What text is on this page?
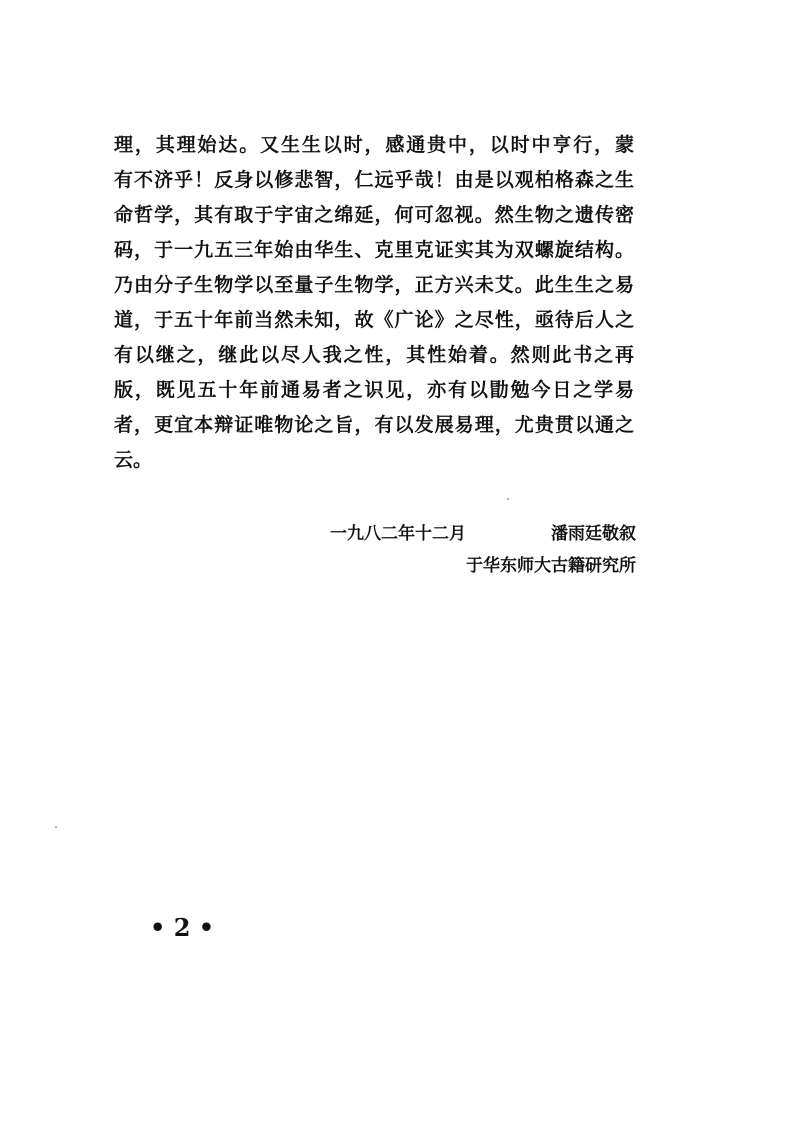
理，其理始达。又生生以时，感通贵中，以时中亨行，蒙
有不济乎！反身以修悲智，仁远乎哉！由是以观柏格森之生
命哲学，其有取于宇宙之绵延，何可忽视。然生物之遗传密
码，于一九五三年始由华生、克里克证实其为双螺旋结构。
乃由分子生物学以至量子生物学，正方兴未艾。此生生之易
道，于五十年前当然未知，故《广论》之尽性，亟待后人之
有以继之，继此以尽人我之性，其性始着。然则此书之再
版，既见五十年前通易者之识见，亦有以勖勉今日之学易
者，更宜本辩证唯物论之旨，有以发展易理，尤贵贯以通之
云。
一九八二年十二月	潘雨廷敬叙
于华东师大古籍研究所
• 2 •
